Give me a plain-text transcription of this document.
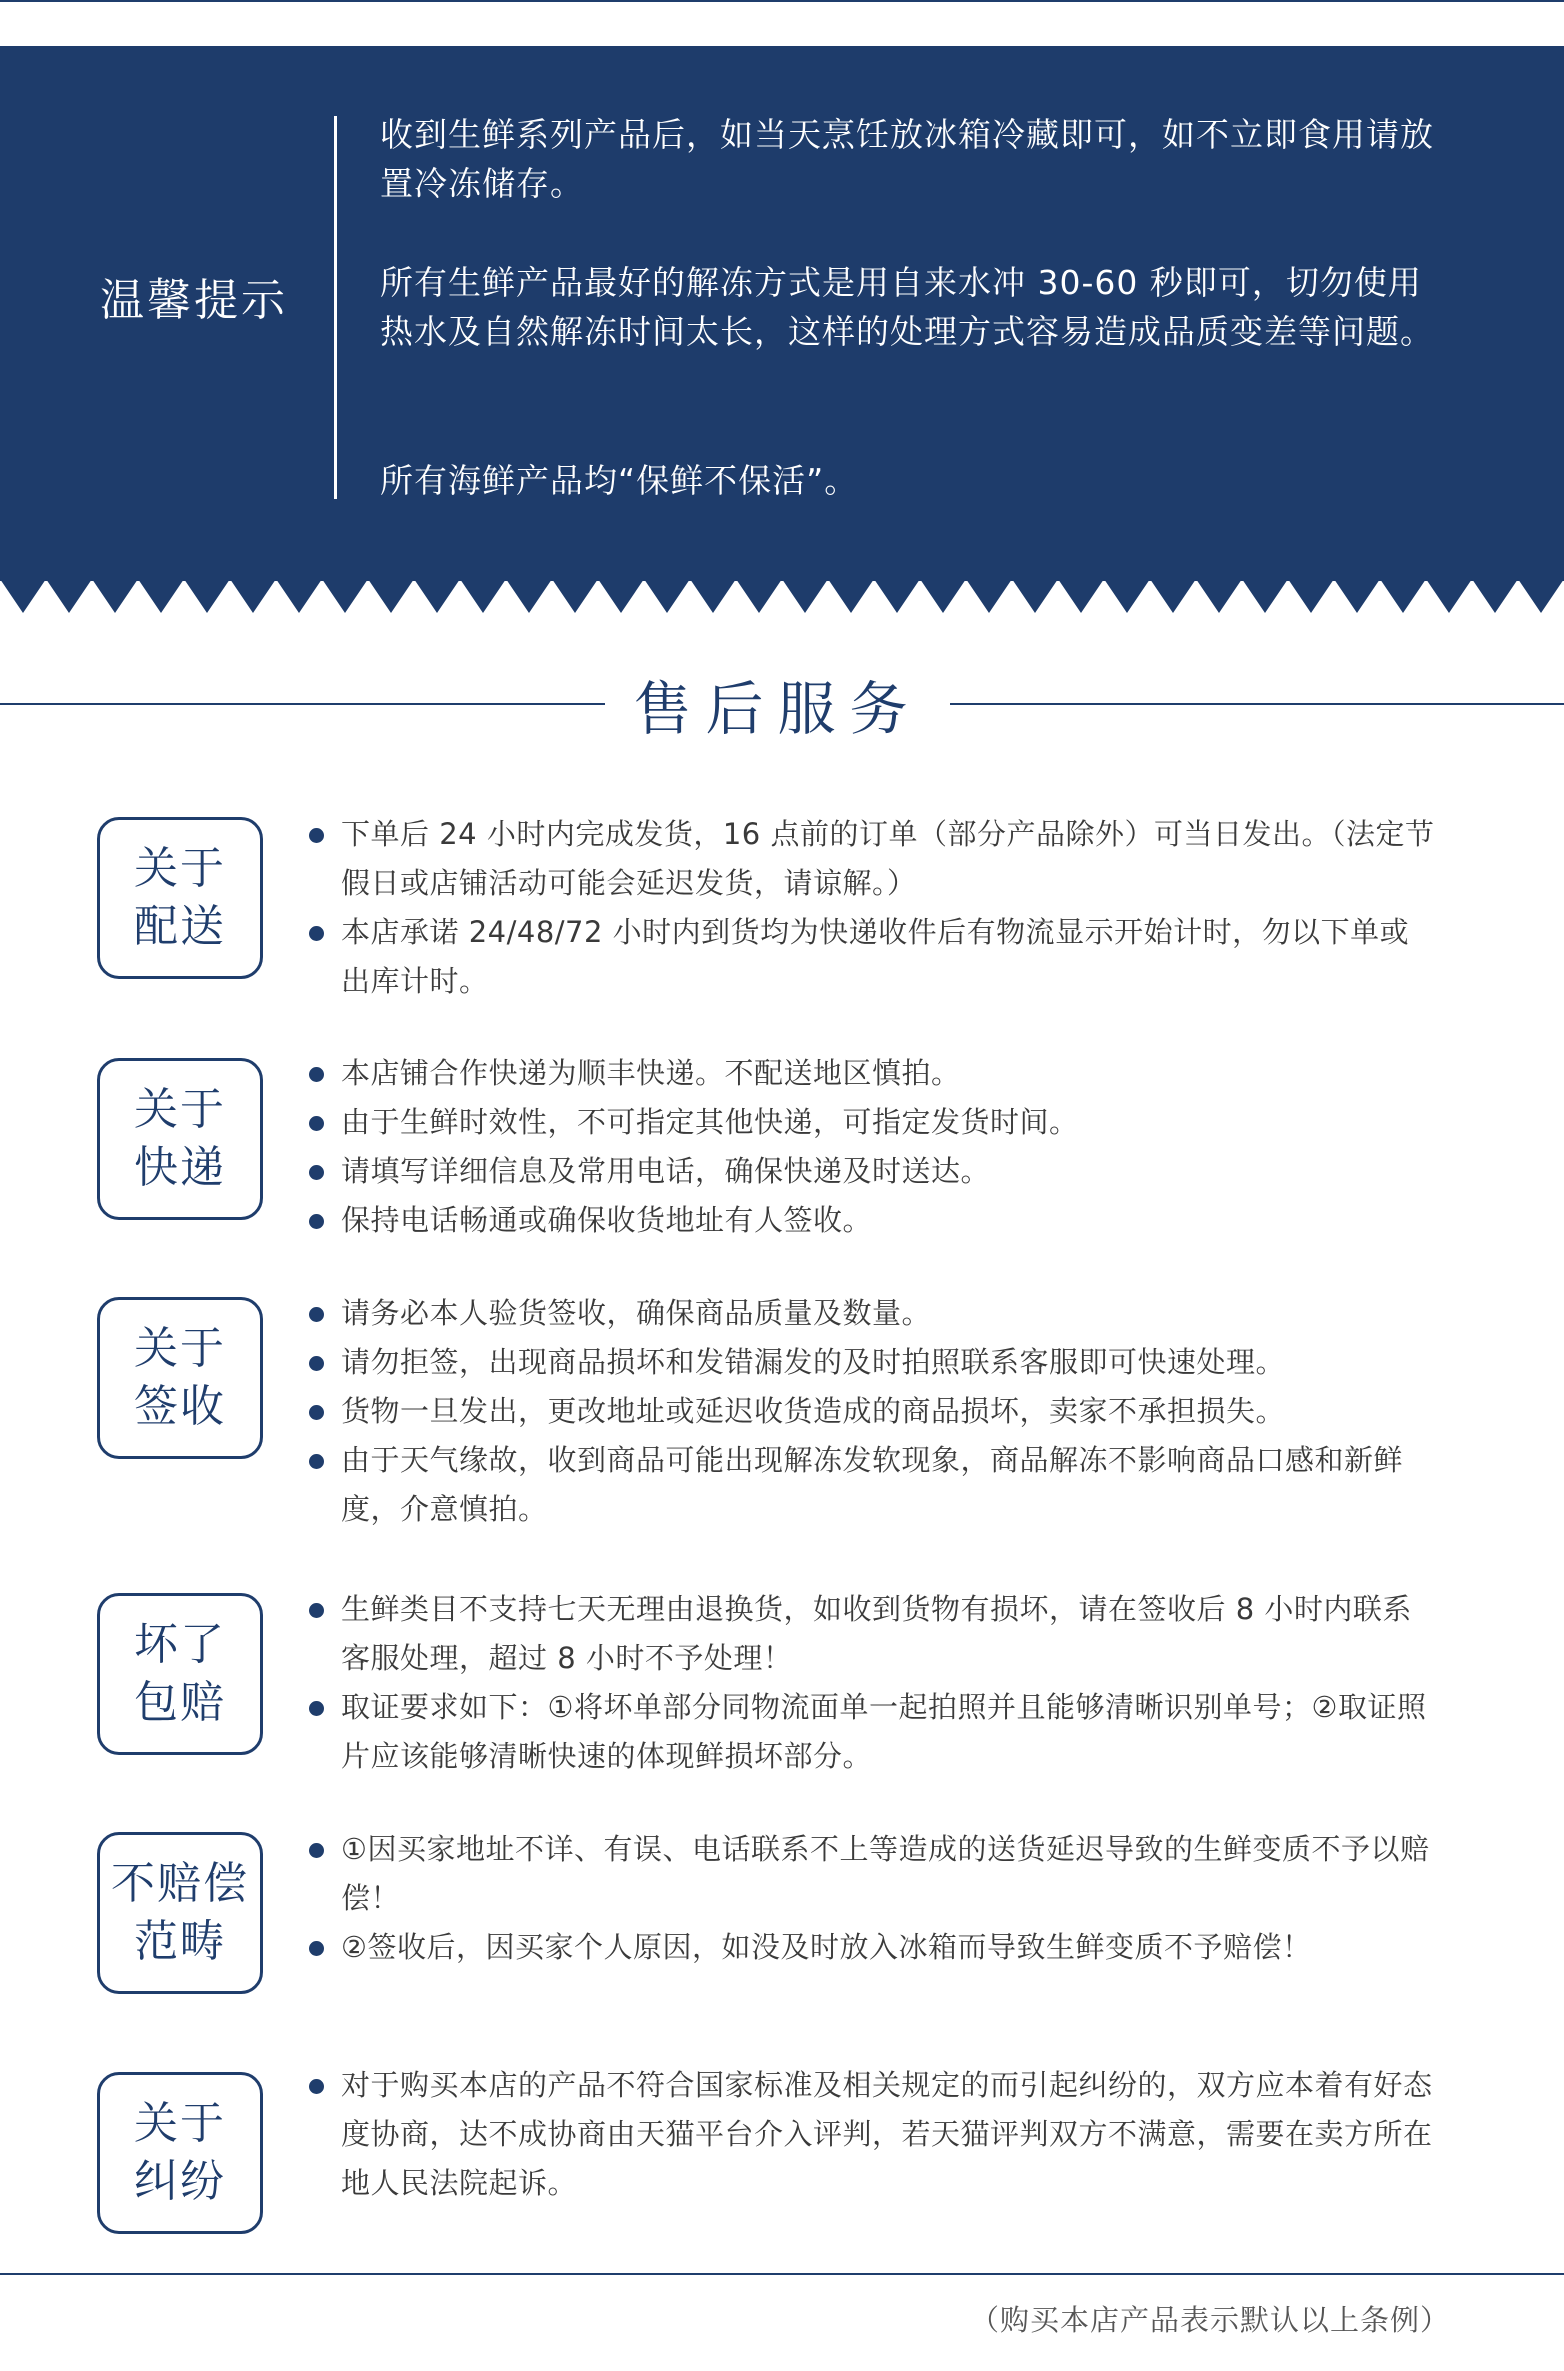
温馨提示
收到生鲜系列产品后，如当天烹饪放冰箱冷藏即可，如不立即食用请放置冷冻储存。
所有生鲜产品最好的解冻方式是用自来水冲 30-60 秒即可，切勿使用热水及自然解冻时间太长，这样的处理方式容易造成品质变差等问题。
所有海鲜产品均“保鲜不保活”。
售后服务
关于
配送
下单后 24 小时内完成发货，16 点前的订单（部分产品除外）可当日发出。（法定节假日或店铺活动可能会延迟发货，请谅解。）
本店承诺 24/48/72 小时内到货均为快递收件后有物流显示开始计时，勿以下单或出库计时。
关于
快递
本店铺合作快递为顺丰快递。不配送地区慎拍。
由于生鲜时效性，不可指定其他快递，可指定发货时间。
请填写详细信息及常用电话，确保快递及时送达。
保持电话畅通或确保收货地址有人签收。
关于
签收
请务必本人验货签收，确保商品质量及数量。
请勿拒签，出现商品损坏和发错漏发的及时拍照联系客服即可快速处理。
货物一旦发出，更改地址或延迟收货造成的商品损坏，卖家不承担损失。
由于天气缘故，收到商品可能出现解冻发软现象，商品解冻不影响商品口感和新鲜度，介意慎拍。
坏了
包赔
生鲜类目不支持七天无理由退换货，如收到货物有损坏，请在签收后 8 小时内联系客服处理，超过 8 小时不予处理！
取证要求如下：①将坏单部分同物流面单一起拍照并且能够清晰识别单号；②取证照片应该能够清晰快速的体现鲜损坏部分。
不赔偿
范畴
①因买家地址不详、有误、电话联系不上等造成的送货延迟导致的生鲜变质不予以赔偿！
②签收后，因买家个人原因，如没及时放入冰箱而导致生鲜变质不予赔偿！
关于
纠纷
对于购买本店的产品不符合国家标准及相关规定的而引起纠纷的，双方应本着有好态度协商，达不成协商由天猫平台介入评判，若天猫评判双方不满意，需要在卖方所在地人民法院起诉。
（购买本店产品表示默认以上条例）
